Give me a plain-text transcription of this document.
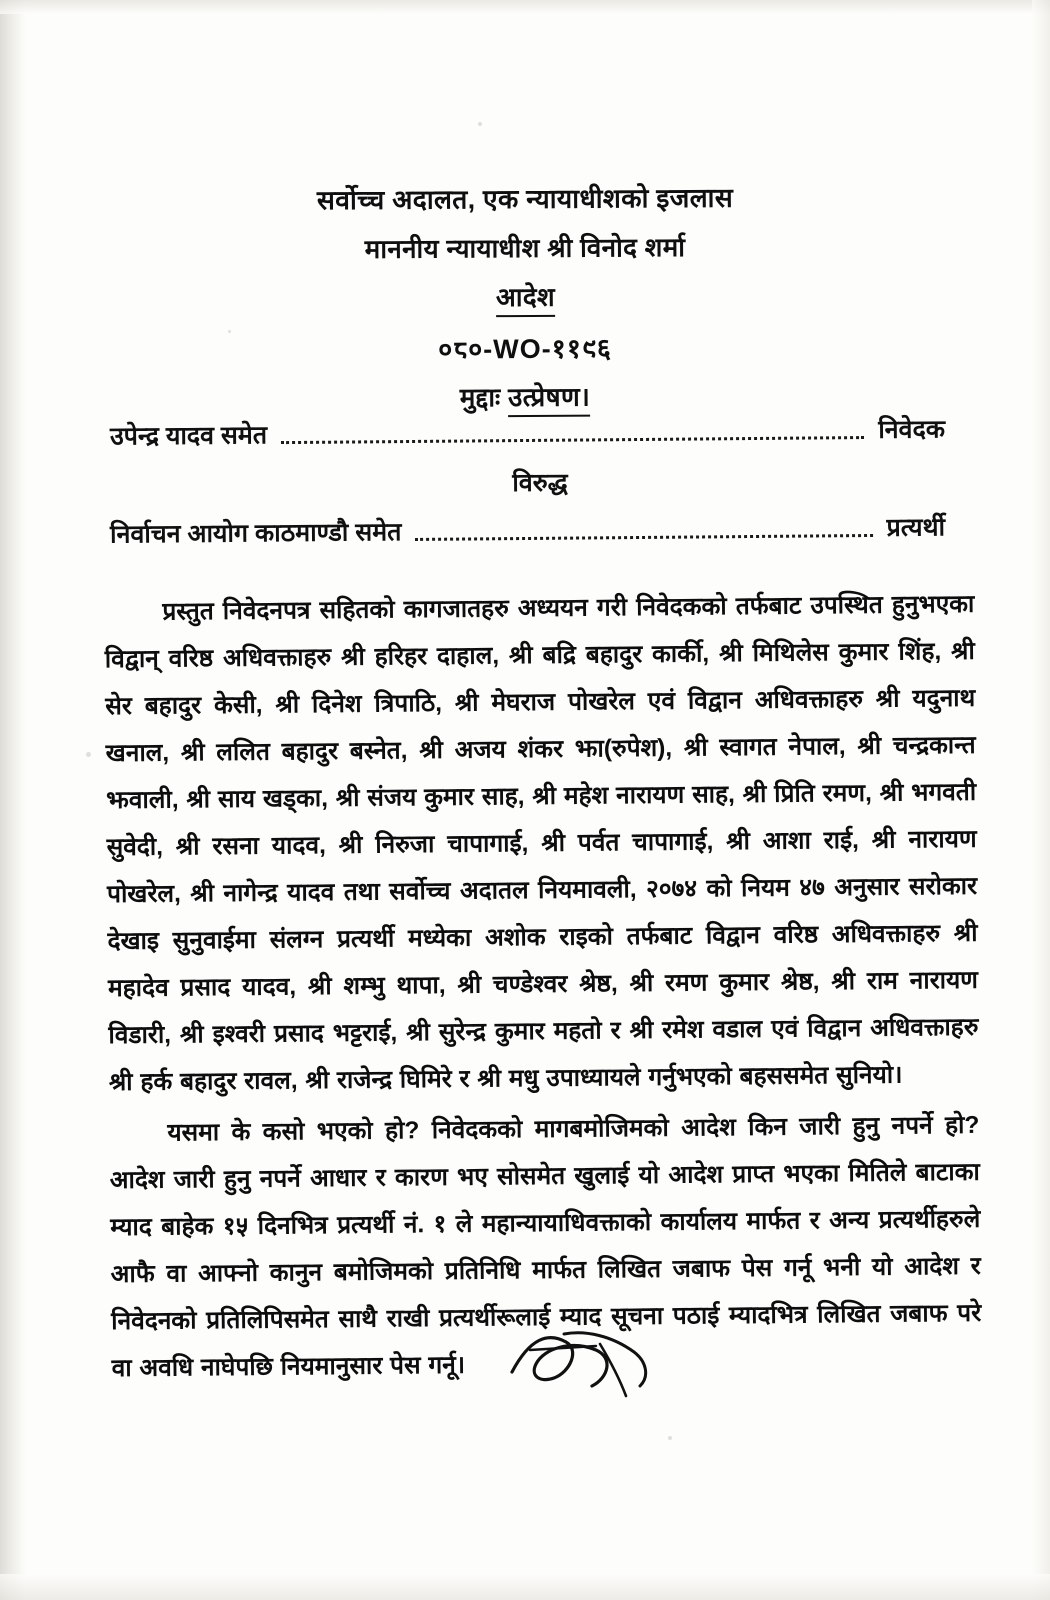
सर्वोच्च अदालत, एक न्यायाधीशको इजलास
माननीय न्यायाधीश श्री विनोद शर्मा
आदेश
०८०-WO-११९६
मुद्दाः उत्प्रेषण।
उपेन्द्र यादव समेत	निवेदक
विरुद्ध
निर्वाचन आयोग काठमाण्डौ समेत	प्रत्यर्थी

प्रस्तुत निवेदनपत्र सहितको कागजातहरु अध्ययन गरी निवेदकको तर्फबाट उपस्थित हुनुभएका विद्वान् वरिष्ठ अधिवक्ताहरु श्री हरिहर दाहाल, श्री बद्रि बहादुर कार्की, श्री मिथिलेस कुमार शिंह, श्री सेर बहादुर केसी, श्री दिनेश त्रिपाठि, श्री मेघराज पोखरेल एवं विद्वान अधिवक्ताहरु श्री यदुनाथ खनाल, श्री ललित बहादुर बस्नेत, श्री अजय शंकर झा(रुपेश), श्री स्वागत नेपाल, श्री चन्द्रकान्त झवाली, श्री साय खड्का, श्री संजय कुमार साह, श्री महेश नारायण साह, श्री प्रिति रमण, श्री भगवती सुवेदी, श्री रसना यादव, श्री निरुजा चापागाई, श्री पर्वत चापागाई, श्री आशा राई, श्री नारायण पोखरेल, श्री नागेन्द्र यादव तथा सर्वोच्च अदातल नियमावली, २०७४ को नियम ४७ अनुसार सरोकार देखाइ सुनुवाईमा संलग्न प्रत्यर्थी मध्येका अशोक राइको तर्फबाट विद्वान वरिष्ठ अधिवक्ताहरु श्री महादेव प्रसाद यादव, श्री शम्भु थापा, श्री चण्डेश्वर श्रेष्ठ, श्री रमण कुमार श्रेष्ठ, श्री राम नारायण विडारी, श्री इश्वरी प्रसाद भट्टराई, श्री सुरेन्द्र कुमार महतो र श्री रमेश वडाल एवं विद्वान अधिवक्ताहरु श्री हर्क बहादुर रावल, श्री राजेन्द्र घिमिरे र श्री मधु उपाध्यायले गर्नुभएको बहससमेत सुनियो।

यसमा के कसो भएको हो? निवेदकको मागबमोजिमको आदेश किन जारी हुनु नपर्ने हो? आदेश जारी हुनु नपर्ने आधार र कारण भए सोसमेत खुलाई यो आदेश प्राप्त भएका मितिले बाटाका म्याद बाहेक १५ दिनभित्र प्रत्यर्थी नं. १ ले महान्यायाधिवक्ताको कार्यालय मार्फत र अन्य प्रत्यर्थीहरुले आफै वा आफ्नो कानुन बमोजिमको प्रतिनिधि मार्फत लिखित जबाफ पेस गर्नू भनी यो आदेश र निवेदनको प्रतिलिपिसमेत साथै राखी प्रत्यर्थीरूलाई म्याद सूचना पठाई म्यादभित्र लिखित जबाफ परे वा अवधि नाघेपछि नियमानुसार पेस गर्नू।
